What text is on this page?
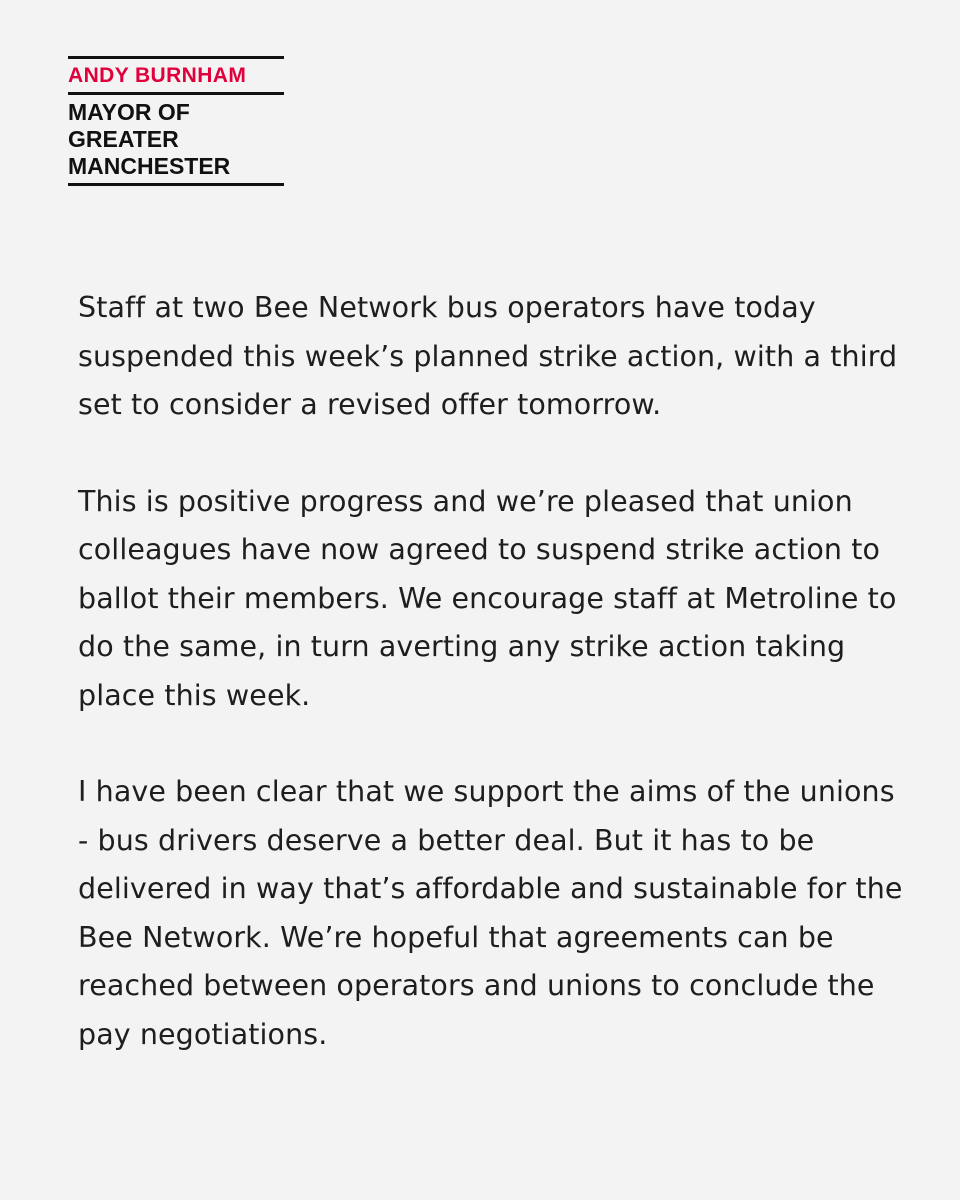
ANDY BURNHAM
MAYOR OF
GREATER
MANCHESTER

Staff at two Bee Network bus operators have today suspended this week’s planned strike action, with a third set to consider a revised offer tomorrow.

This is positive progress and we’re pleased that union colleagues have now agreed to suspend strike action to ballot their members. We encourage staff at Metroline to do the same, in turn averting any strike action taking place this week.

I have been clear that we support the aims of the unions - bus drivers deserve a better deal. But it has to be delivered in way that’s affordable and sustainable for the Bee Network. We’re hopeful that agreements can be reached between operators and unions to conclude the pay negotiations.
